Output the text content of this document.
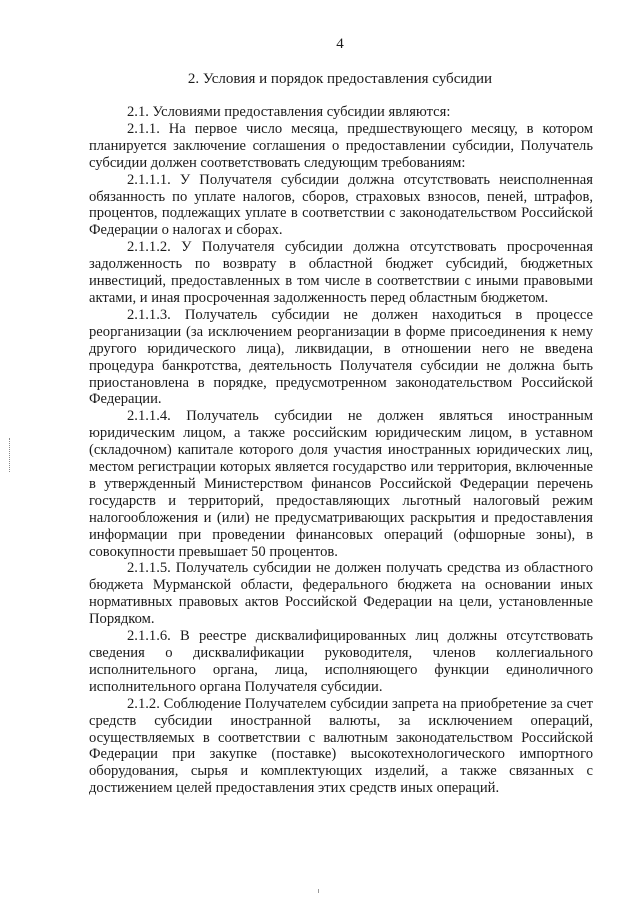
4
2. Условия и порядок предоставления субсидии

2.1. Условиями предоставления субсидии являются:

2.1.1. На первое число месяца, предшествующего месяцу, в котором планируется заключение соглашения о предоставлении субсидии, Получатель субсидии должен соответствовать следующим требованиям:

2.1.1.1. У Получателя субсидии должна отсутствовать неисполненная обязанность по уплате налогов, сборов, страховых взносов, пеней, штрафов, процентов, подлежащих уплате в соответствии с законодательством Российской Федерации о налогах и сборах.

2.1.1.2. У Получателя субсидии должна отсутствовать просроченная задолженность по возврату в областной бюджет субсидий, бюджетных инвестиций, предоставленных в том числе в соответствии с иными правовыми актами, и иная просроченная задолженность перед областным бюджетом.

2.1.1.3. Получатель субсидии не должен находиться в процессе реорганизации (за исключением реорганизации в форме присоединения к нему другого юридического лица), ликвидации, в отношении него не введена процедура банкротства, деятельность Получателя субсидии не должна быть приостановлена в порядке, предусмотренном законодательством Российской Федерации.

2.1.1.4. Получатель субсидии не должен являться иностранным юридическим лицом, а также российским юридическим лицом, в уставном (складочном) капитале которого доля участия иностранных юридических лиц, местом регистрации которых является государство или территория, включенные в утвержденный Министерством финансов Российской Федерации перечень государств и территорий, предоставляющих льготный налоговый режим налогообложения и (или) не предусматривающих раскрытия и предоставления информации при проведении финансовых операций (офшорные зоны), в совокупности превышает 50 процентов.

2.1.1.5. Получатель субсидии не должен получать средства из областного бюджета Мурманской области, федерального бюджета на основании иных нормативных правовых актов Российской Федерации на цели, установленные Порядком.

2.1.1.6. В реестре дисквалифицированных лиц должны отсутствовать сведения о дисквалификации руководителя, членов коллегиального исполнительного органа, лица, исполняющего функции единоличного исполнительного органа Получателя субсидии.

2.1.2. Соблюдение Получателем субсидии запрета на приобретение за счет средств субсидии иностранной валюты, за исключением операций, осуществляемых в соответствии с валютным законодательством Российской Федерации при закупке (поставке) высокотехнологического импортного оборудования, сырья и комплектующих изделий, а также связанных с достижением целей предоставления этих средств иных операций.
